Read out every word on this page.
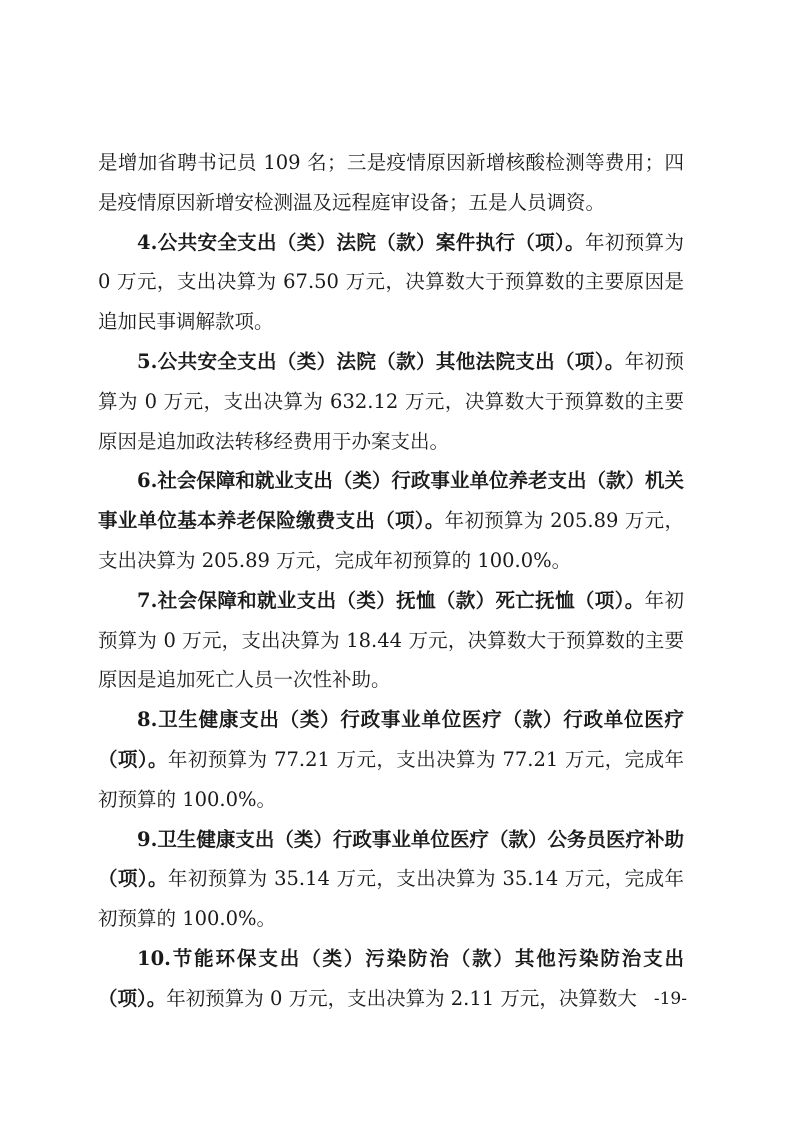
是增加省聘书记员 109 名；三是疫情原因新增核酸检测等费用；四是疫情原因新增安检测温及远程庭审设备；五是人员调资。

4.公共安全支出（类）法院（款）案件执行（项）。年初预算为 0 万元，支出决算为 67.50 万元，决算数大于预算数的主要原因是追加民事调解款项。

5.公共安全支出（类）法院（款）其他法院支出（项）。年初预算为 0 万元，支出决算为 632.12 万元，决算数大于预算数的主要原因是追加政法转移经费用于办案支出。

6.社会保障和就业支出（类）行政事业单位养老支出（款）机关事业单位基本养老保险缴费支出（项）。年初预算为 205.89 万元，支出决算为 205.89 万元，完成年初预算的 100.0%。

7.社会保障和就业支出（类）抚恤（款）死亡抚恤（项）。年初预算为 0 万元，支出决算为 18.44 万元，决算数大于预算数的主要原因是追加死亡人员一次性补助。

8.卫生健康支出（类）行政事业单位医疗（款）行政单位医疗（项）。年初预算为 77.21 万元，支出决算为 77.21 万元，完成年初预算的 100.0%。

9.卫生健康支出（类）行政事业单位医疗（款）公务员医疗补助（项）。年初预算为 35.14 万元，支出决算为 35.14 万元，完成年初预算的 100.0%。

10.节能环保支出（类）污染防治（款）其他污染防治支出（项）。年初预算为 0 万元，支出决算为 2.11 万元，决算数大 -19-
